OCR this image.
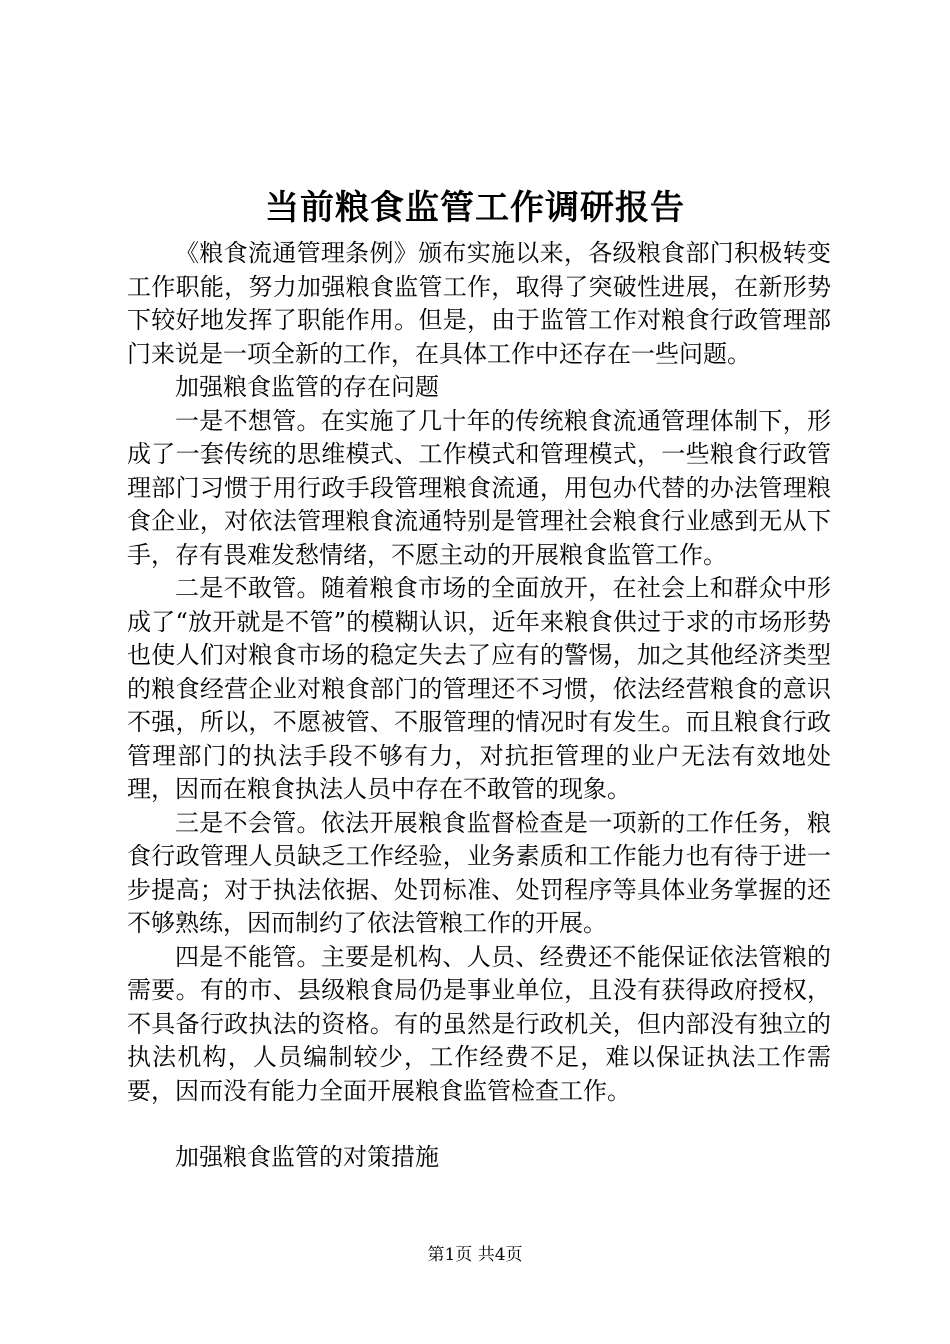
当前粮食监管工作调研报告

《粮食流通管理条例》颁布实施以来，各级粮食部门积极转变工作职能，努力加强粮食监管工作，取得了突破性进展，在新形势下较好地发挥了职能作用。但是，由于监管工作对粮食行政管理部门来说是一项全新的工作，在具体工作中还存在一些问题。

加强粮食监管的存在问题

一是不想管。在实施了几十年的传统粮食流通管理体制下，形成了一套传统的思维模式、工作模式和管理模式，一些粮食行政管理部门习惯于用行政手段管理粮食流通，用包办代替的办法管理粮食企业，对依法管理粮食流通特别是管理社会粮食行业感到无从下手，存有畏难发愁情绪，不愿主动的开展粮食监管工作。

二是不敢管。随着粮食市场的全面放开，在社会上和群众中形成了“放开就是不管”的模糊认识，近年来粮食供过于求的市场形势也使人们对粮食市场的稳定失去了应有的警惕，加之其他经济类型的粮食经营企业对粮食部门的管理还不习惯，依法经营粮食的意识不强，所以，不愿被管、不服管理的情况时有发生。而且粮食行政管理部门的执法手段不够有力，对抗拒管理的业户无法有效地处理，因而在粮食执法人员中存在不敢管的现象。

三是不会管。依法开展粮食监督检查是一项新的工作任务，粮食行政管理人员缺乏工作经验，业务素质和工作能力也有待于进一步提高；对于执法依据、处罚标准、处罚程序等具体业务掌握的还不够熟练，因而制约了依法管粮工作的开展。

四是不能管。主要是机构、人员、经费还不能保证依法管粮的需要。有的市、县级粮食局仍是事业单位，且没有获得政府授权，不具备行政执法的资格。有的虽然是行政机关，但内部没有独立的执法机构，人员编制较少，工作经费不足，难以保证执法工作需要，因而没有能力全面开展粮食监管检查工作。

加强粮食监管的对策措施

第1页 共4页
